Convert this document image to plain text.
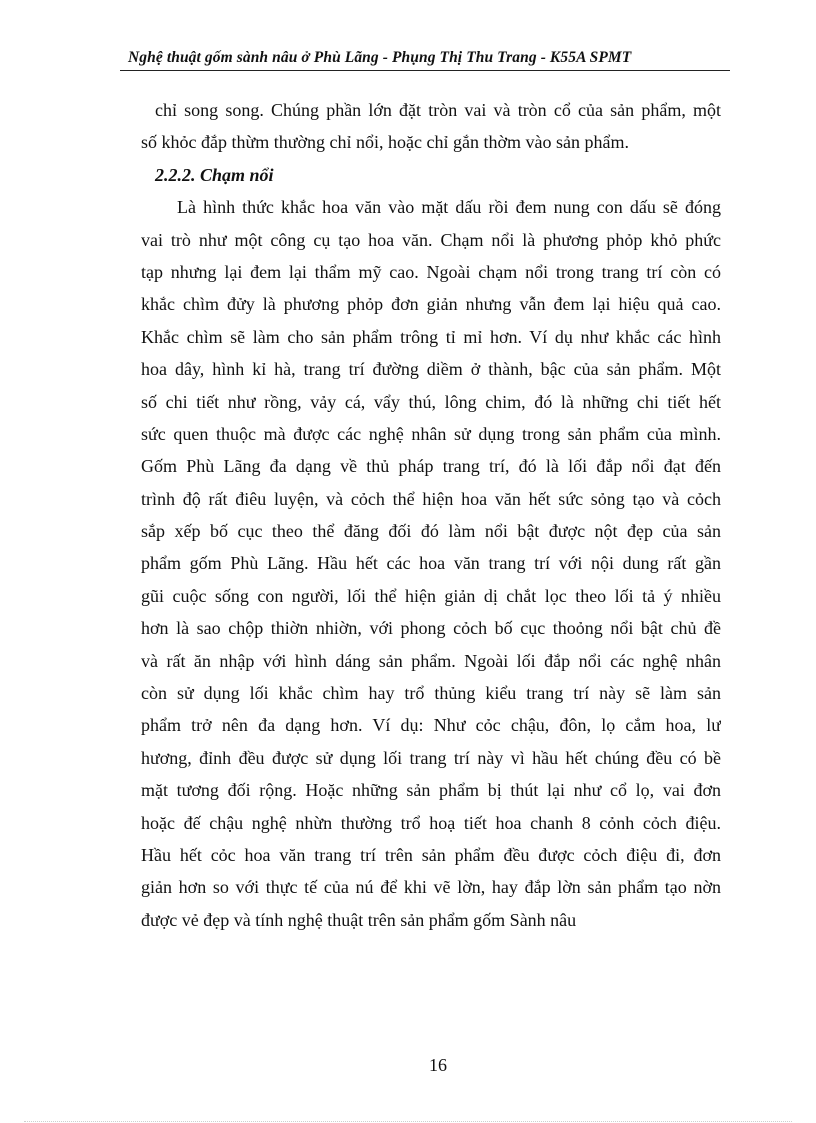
Nghệ thuật gốm sành nâu ở Phù Lãng - Phụng Thị Thu Trang - K55A SPMT
chỉ song song. Chúng phần lớn đặt tròn vai và tròn cổ của sản phẩm, một
số khỏc đắp thừm thường chỉ nổi, hoặc chỉ gắn thờm vào sản phẩm.
2.2.2. Chạm nổi
Là hình thức khắc hoa văn vào mặt dấu rồi đem nung con dấu sẽ đóng
vai trò như một công cụ tạo hoa văn. Chạm nổi là phương phỏp khỏ phức
tạp nhưng lại đem lại thẩm mỹ cao. Ngoài chạm nổi trong trang trí còn có
khắc chìm đửy là phương phỏp đơn giản nhưng vẫn đem lại hiệu quả cao.
Khắc chìm sẽ làm cho sản phẩm trông tỉ mỉ hơn. Ví dụ như khắc các hình
hoa dây, hình kỉ hà, trang trí đường diềm ở thành, bậc của sản phẩm. Một
số chi tiết như rồng, vảy cá, vẩy thú, lông chim, đó là những chi tiết hết
sức quen thuộc mà được các nghệ nhân sử dụng trong sản phẩm của mình.
Gốm Phù Lãng đa dạng về thủ pháp trang trí, đó là lối đắp nổi đạt đến
trình độ rất điêu luyện, và cỏch thể hiện hoa văn hết sức sỏng tạo và cỏch
sắp xếp bố cục theo thể đăng đối đó làm nổi bật được nột đẹp của sản
phẩm gốm Phù Lãng. Hầu hết các hoa văn trang trí với nội dung rất gần
gũi cuộc sống con người, lối thể hiện giản dị chắt lọc theo lối tả ý nhiều
hơn là sao chộp thiờn nhiờn, với phong cỏch bố cục thoỏng nổi bật chủ đề
và rất ăn nhập với hình dáng sản phẩm. Ngoài lối đắp nổi các nghệ nhân
còn sử dụng lối khắc chìm hay trổ thủng kiểu trang trí này sẽ làm sản
phẩm trở nên đa dạng hơn. Ví dụ: Như cỏc chậu, đôn, lọ cắm hoa, lư
hương, đỉnh đều được sử dụng lối trang trí này vì hầu hết chúng đều có bề
mặt tương đối rộng. Hoặc những sản phẩm bị thút lại như cổ lọ, vai đơn
hoặc đế chậu nghệ nhừn thường trổ hoạ tiết hoa chanh 8 cỏnh cỏch điệu.
Hầu hết cỏc hoa văn trang trí trên sản phẩm đều được cỏch điệu đi, đơn
giản hơn so với thực tế của nú để khi vẽ lờn, hay đắp lờn sản phẩm tạo nờn
được vẻ đẹp và tính nghệ thuật trên sản phẩm gốm Sành nâu
16
